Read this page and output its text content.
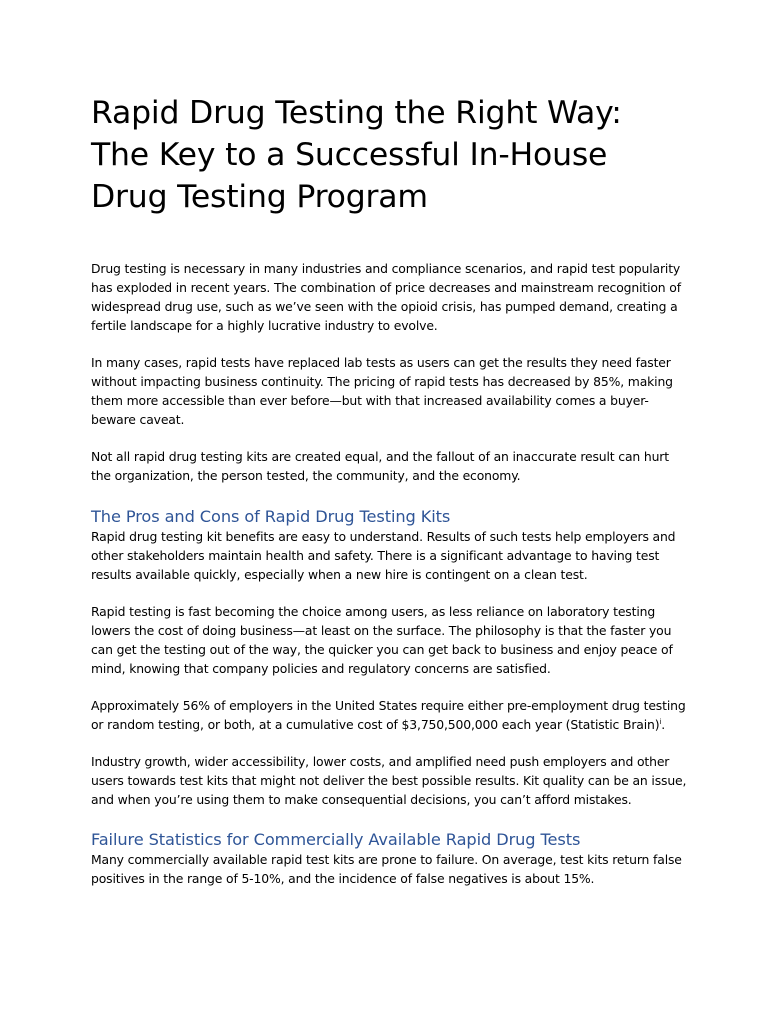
Rapid Drug Testing the Right Way:
The Key to a Successful In-House
Drug Testing Program

Drug testing is necessary in many industries and compliance scenarios, and rapid test popularity has exploded in recent years. The combination of price decreases and mainstream recognition of widespread drug use, such as we’ve seen with the opioid crisis, has pumped demand, creating a fertile landscape for a highly lucrative industry to evolve.

In many cases, rapid tests have replaced lab tests as users can get the results they need faster without impacting business continuity. The pricing of rapid tests has decreased by 85%, making them more accessible than ever before—but with that increased availability comes a buyer-beware caveat.

Not all rapid drug testing kits are created equal, and the fallout of an inaccurate result can hurt the organization, the person tested, the community, and the economy.

The Pros and Cons of Rapid Drug Testing Kits

Rapid drug testing kit benefits are easy to understand. Results of such tests help employers and other stakeholders maintain health and safety. There is a significant advantage to having test results available quickly, especially when a new hire is contingent on a clean test.

Rapid testing is fast becoming the choice among users, as less reliance on laboratory testing lowers the cost of doing business—at least on the surface. The philosophy is that the faster you can get the testing out of the way, the quicker you can get back to business and enjoy peace of mind, knowing that company policies and regulatory concerns are satisfied.

Approximately 56% of employers in the United States require either pre-employment drug testing or random testing, or both, at a cumulative cost of $3,750,500,000 each year (Statistic Brain)$^i$.

Industry growth, wider accessibility, lower costs, and amplified need push employers and other users towards test kits that might not deliver the best possible results. Kit quality can be an issue, and when you’re using them to make consequential decisions, you can’t afford mistakes.

Failure Statistics for Commercially Available Rapid Drug Tests

Many commercially available rapid test kits are prone to failure. On average, test kits return false positives in the range of 5-10%, and the incidence of false negatives is about 15%.
